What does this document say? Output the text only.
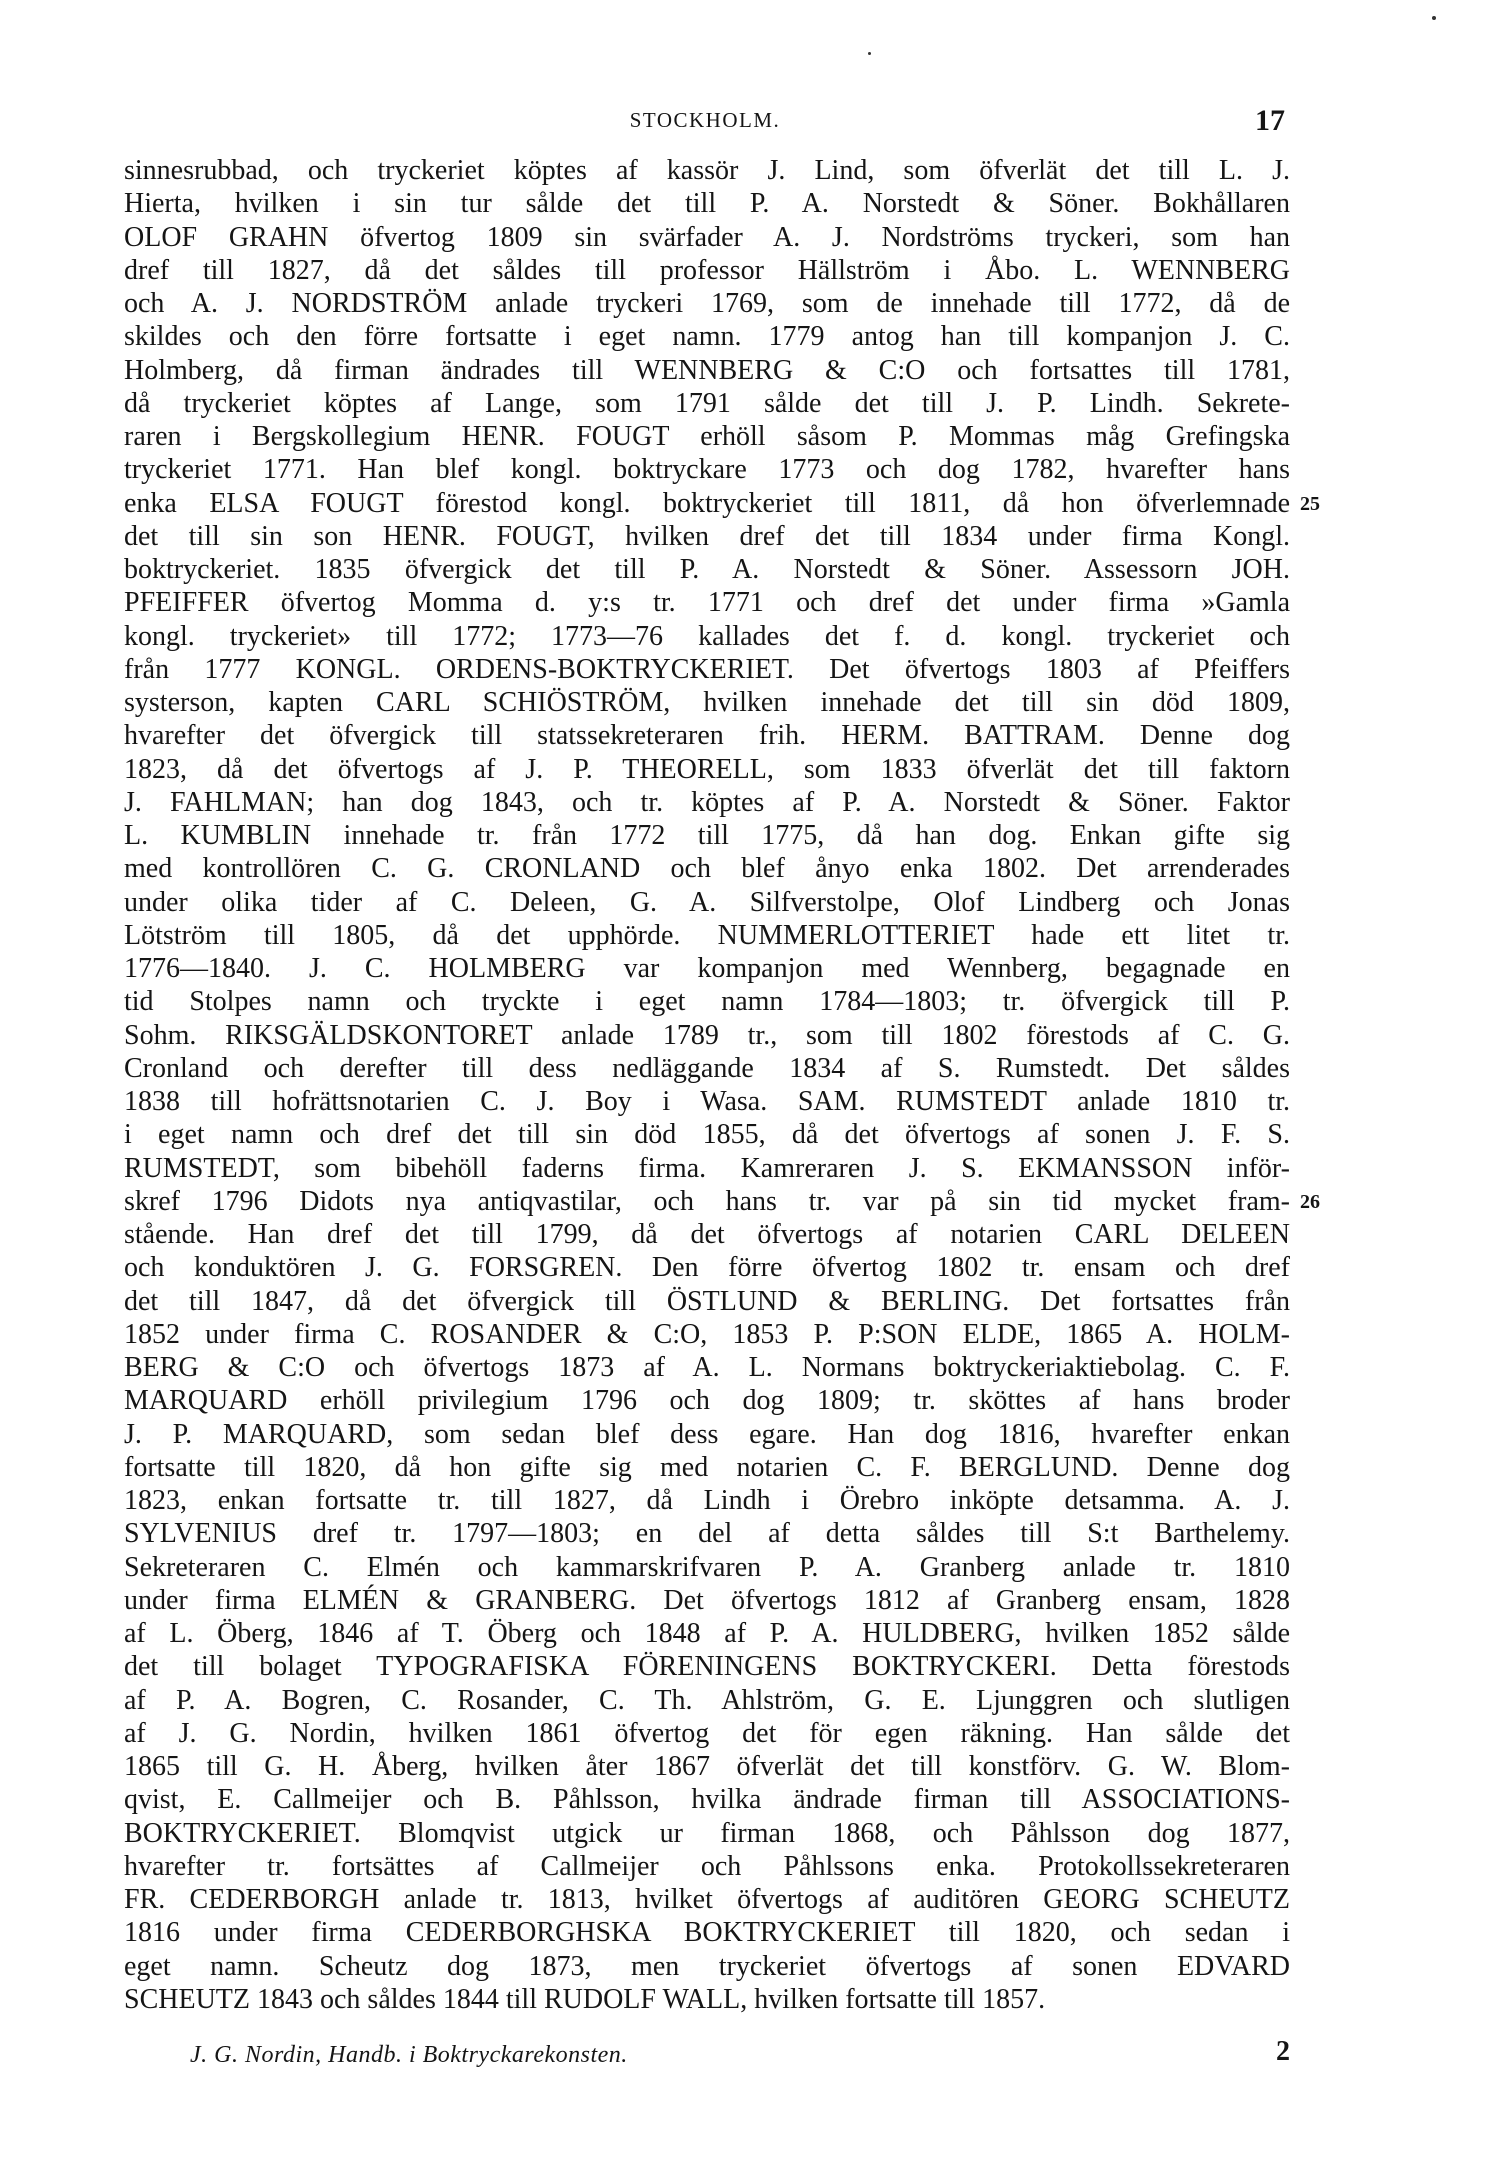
STOCKHOLM.	17
sinnesrubbad, och tryckeriet köptes af kassör J. Lind, som öfverlät det till L. J.
Hierta, hvilken i sin tur sålde det till P. A. Norstedt & Söner. Bokhållaren
OLOF GRAHN öfvertog 1809 sin svärfader A. J. Nordströms tryckeri, som han
dref till 1827, då det såldes till professor Hällström i Åbo. L. WENNBERG
och A. J. NORDSTRÖM anlade tryckeri 1769, som de innehade till 1772, då de
skildes och den förre fortsatte i eget namn. 1779 antog han till kompanjon J. C.
Holmberg, då firman ändrades till WENNBERG & C:O och fortsattes till 1781,
då tryckeriet köptes af Lange, som 1791 sålde det till J. P. Lindh. Sekrete-
raren i Bergskollegium HENR. FOUGT erhöll såsom P. Mommas måg Grefingska
tryckeriet 1771. Han blef kongl. boktryckare 1773 och dog 1782, hvarefter hans
enka ELSA FOUGT förestod kongl. boktryckeriet till 1811, då hon öfverlemnade
det till sin son HENR. FOUGT, hvilken dref det till 1834 under firma Kongl.
boktryckeriet. 1835 öfvergick det till P. A. Norstedt & Söner. Assessorn JOH.
PFEIFFER öfvertog Momma d. y:s tr. 1771 och dref det under firma »Gamla
kongl. tryckeriet» till 1772; 1773—76 kallades det f. d. kongl. tryckeriet och
från 1777 KONGL. ORDENS-BOKTRYCKERIET. Det öfvertogs 1803 af Pfeiffers
systerson, kapten CARL SCHIÖSTRÖM, hvilken innehade det till sin död 1809,
hvarefter det öfvergick till statssekreteraren frih. HERM. BATTRAM. Denne dog
1823, då det öfvertogs af J. P. THEORELL, som 1833 öfverlät det till faktorn
J. FAHLMAN; han dog 1843, och tr. köptes af P. A. Norstedt & Söner. Faktor
L. KUMBLIN innehade tr. från 1772 till 1775, då han dog. Enkan gifte sig
med kontrollören C. G. CRONLAND och blef ånyo enka 1802. Det arrenderades
under olika tider af C. Deleen, G. A. Silfverstolpe, Olof Lindberg och Jonas
Lötström till 1805, då det upphörde. NUMMERLOTTERIET hade ett litet tr.
1776—1840. J. C. HOLMBERG var kompanjon med Wennberg, begagnade en
tid Stolpes namn och tryckte i eget namn 1784—1803; tr. öfvergick till P.
Sohm. RIKSGÄLDSKONTORET anlade 1789 tr., som till 1802 förestods af C. G.
Cronland och derefter till dess nedläggande 1834 af S. Rumstedt. Det såldes
1838 till hofrättsnotarien C. J. Boy i Wasa. SAM. RUMSTEDT anlade 1810 tr.
i eget namn och dref det till sin död 1855, då det öfvertogs af sonen J. F. S.
RUMSTEDT, som bibehöll faderns firma. Kamreraren J. S. EKMANSSON inför-
skref 1796 Didots nya antiqvastilar, och hans tr. var på sin tid mycket fram-
stående. Han dref det till 1799, då det öfvertogs af notarien CARL DELEEN
och konduktören J. G. FORSGREN. Den förre öfvertog 1802 tr. ensam och dref
det till 1847, då det öfvergick till ÖSTLUND & BERLING. Det fortsattes från
1852 under firma C. ROSANDER & C:O, 1853 P. P:SON ELDE, 1865 A. HOLM-
BERG & C:O och öfvertogs 1873 af A. L. Normans boktryckeriaktiebolag. C. F.
MARQUARD erhöll privilegium 1796 och dog 1809; tr. sköttes af hans broder
J. P. MARQUARD, som sedan blef dess egare. Han dog 1816, hvarefter enkan
fortsatte till 1820, då hon gifte sig med notarien C. F. BERGLUND. Denne dog
1823, enkan fortsatte tr. till 1827, då Lindh i Örebro inköpte detsamma. A. J.
SYLVENIUS dref tr. 1797—1803; en del af detta såldes till S:t Barthelemy.
Sekreteraren C. Elmén och kammarskrifvaren P. A. Granberg anlade tr. 1810
under firma ELMÉN & GRANBERG. Det öfvertogs 1812 af Granberg ensam, 1828
af L. Öberg, 1846 af T. Öberg och 1848 af P. A. HULDBERG, hvilken 1852 sålde
det till bolaget TYPOGRAFISKA FÖRENINGENS BOKTRYCKERI. Detta förestods
af P. A. Bogren, C. Rosander, C. Th. Ahlström, G. E. Ljunggren och slutligen
af J. G. Nordin, hvilken 1861 öfvertog det för egen räkning. Han sålde det
1865 till G. H. Åberg, hvilken åter 1867 öfverlät det till konstförv. G. W. Blom-
qvist, E. Callmeijer och B. Påhlsson, hvilka ändrade firman till ASSOCIATIONS-
BOKTRYCKERIET. Blomqvist utgick ur firman 1868, och Påhlsson dog 1877,
hvarefter tr. fortsättes af Callmeijer och Påhlssons enka. Protokollssekreteraren
FR. CEDERBORGH anlade tr. 1813, hvilket öfvertogs af auditören GEORG SCHEUTZ
1816 under firma CEDERBORGHSKA BOKTRYCKERIET till 1820, och sedan i
eget namn. Scheutz dog 1873, men tryckeriet öfvertogs af sonen EDVARD
SCHEUTZ 1843 och såldes 1844 till RUDOLF WALL, hvilken fortsatte till 1857.
25
26
J. G. Nordin, Handb. i Boktryckarekonsten.	2
